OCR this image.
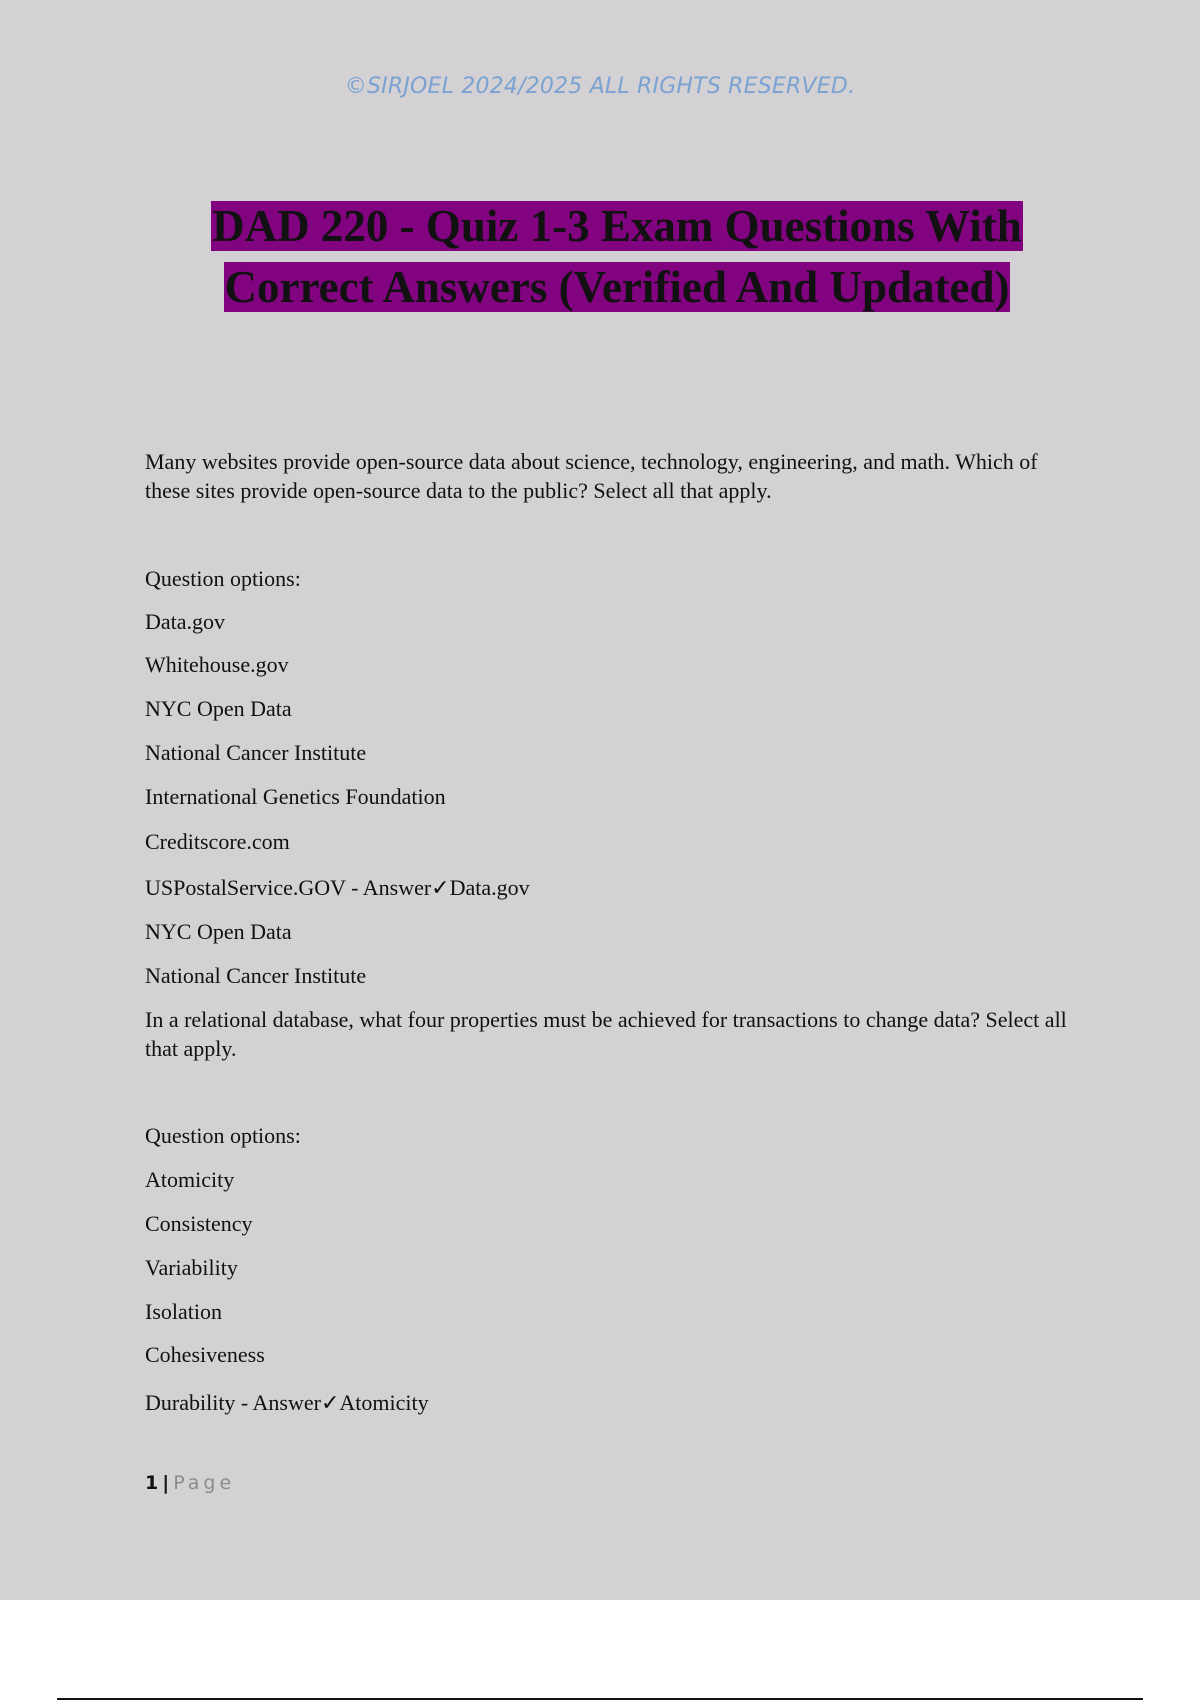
©SIRJOEL 2024/2025 ALL RIGHTS RESERVED.
DAD 220 - Quiz 1-3 Exam Questions With
Correct Answers (Verified And Updated)

Many websites provide open-source data about science, technology, engineering, and math. Which of these sites provide open-source data to the public? Select all that apply.

Question options:

Data.gov

Whitehouse.gov

NYC Open Data

National Cancer Institute

International Genetics Foundation

Creditscore.com

USPostalService.GOV - Answer✓Data.gov

NYC Open Data

National Cancer Institute

In a relational database, what four properties must be achieved for transactions to change data? Select all that apply.

Question options:

Atomicity

Consistency

Variability

Isolation

Cohesiveness

Durability - Answer✓Atomicity

1 | Page
